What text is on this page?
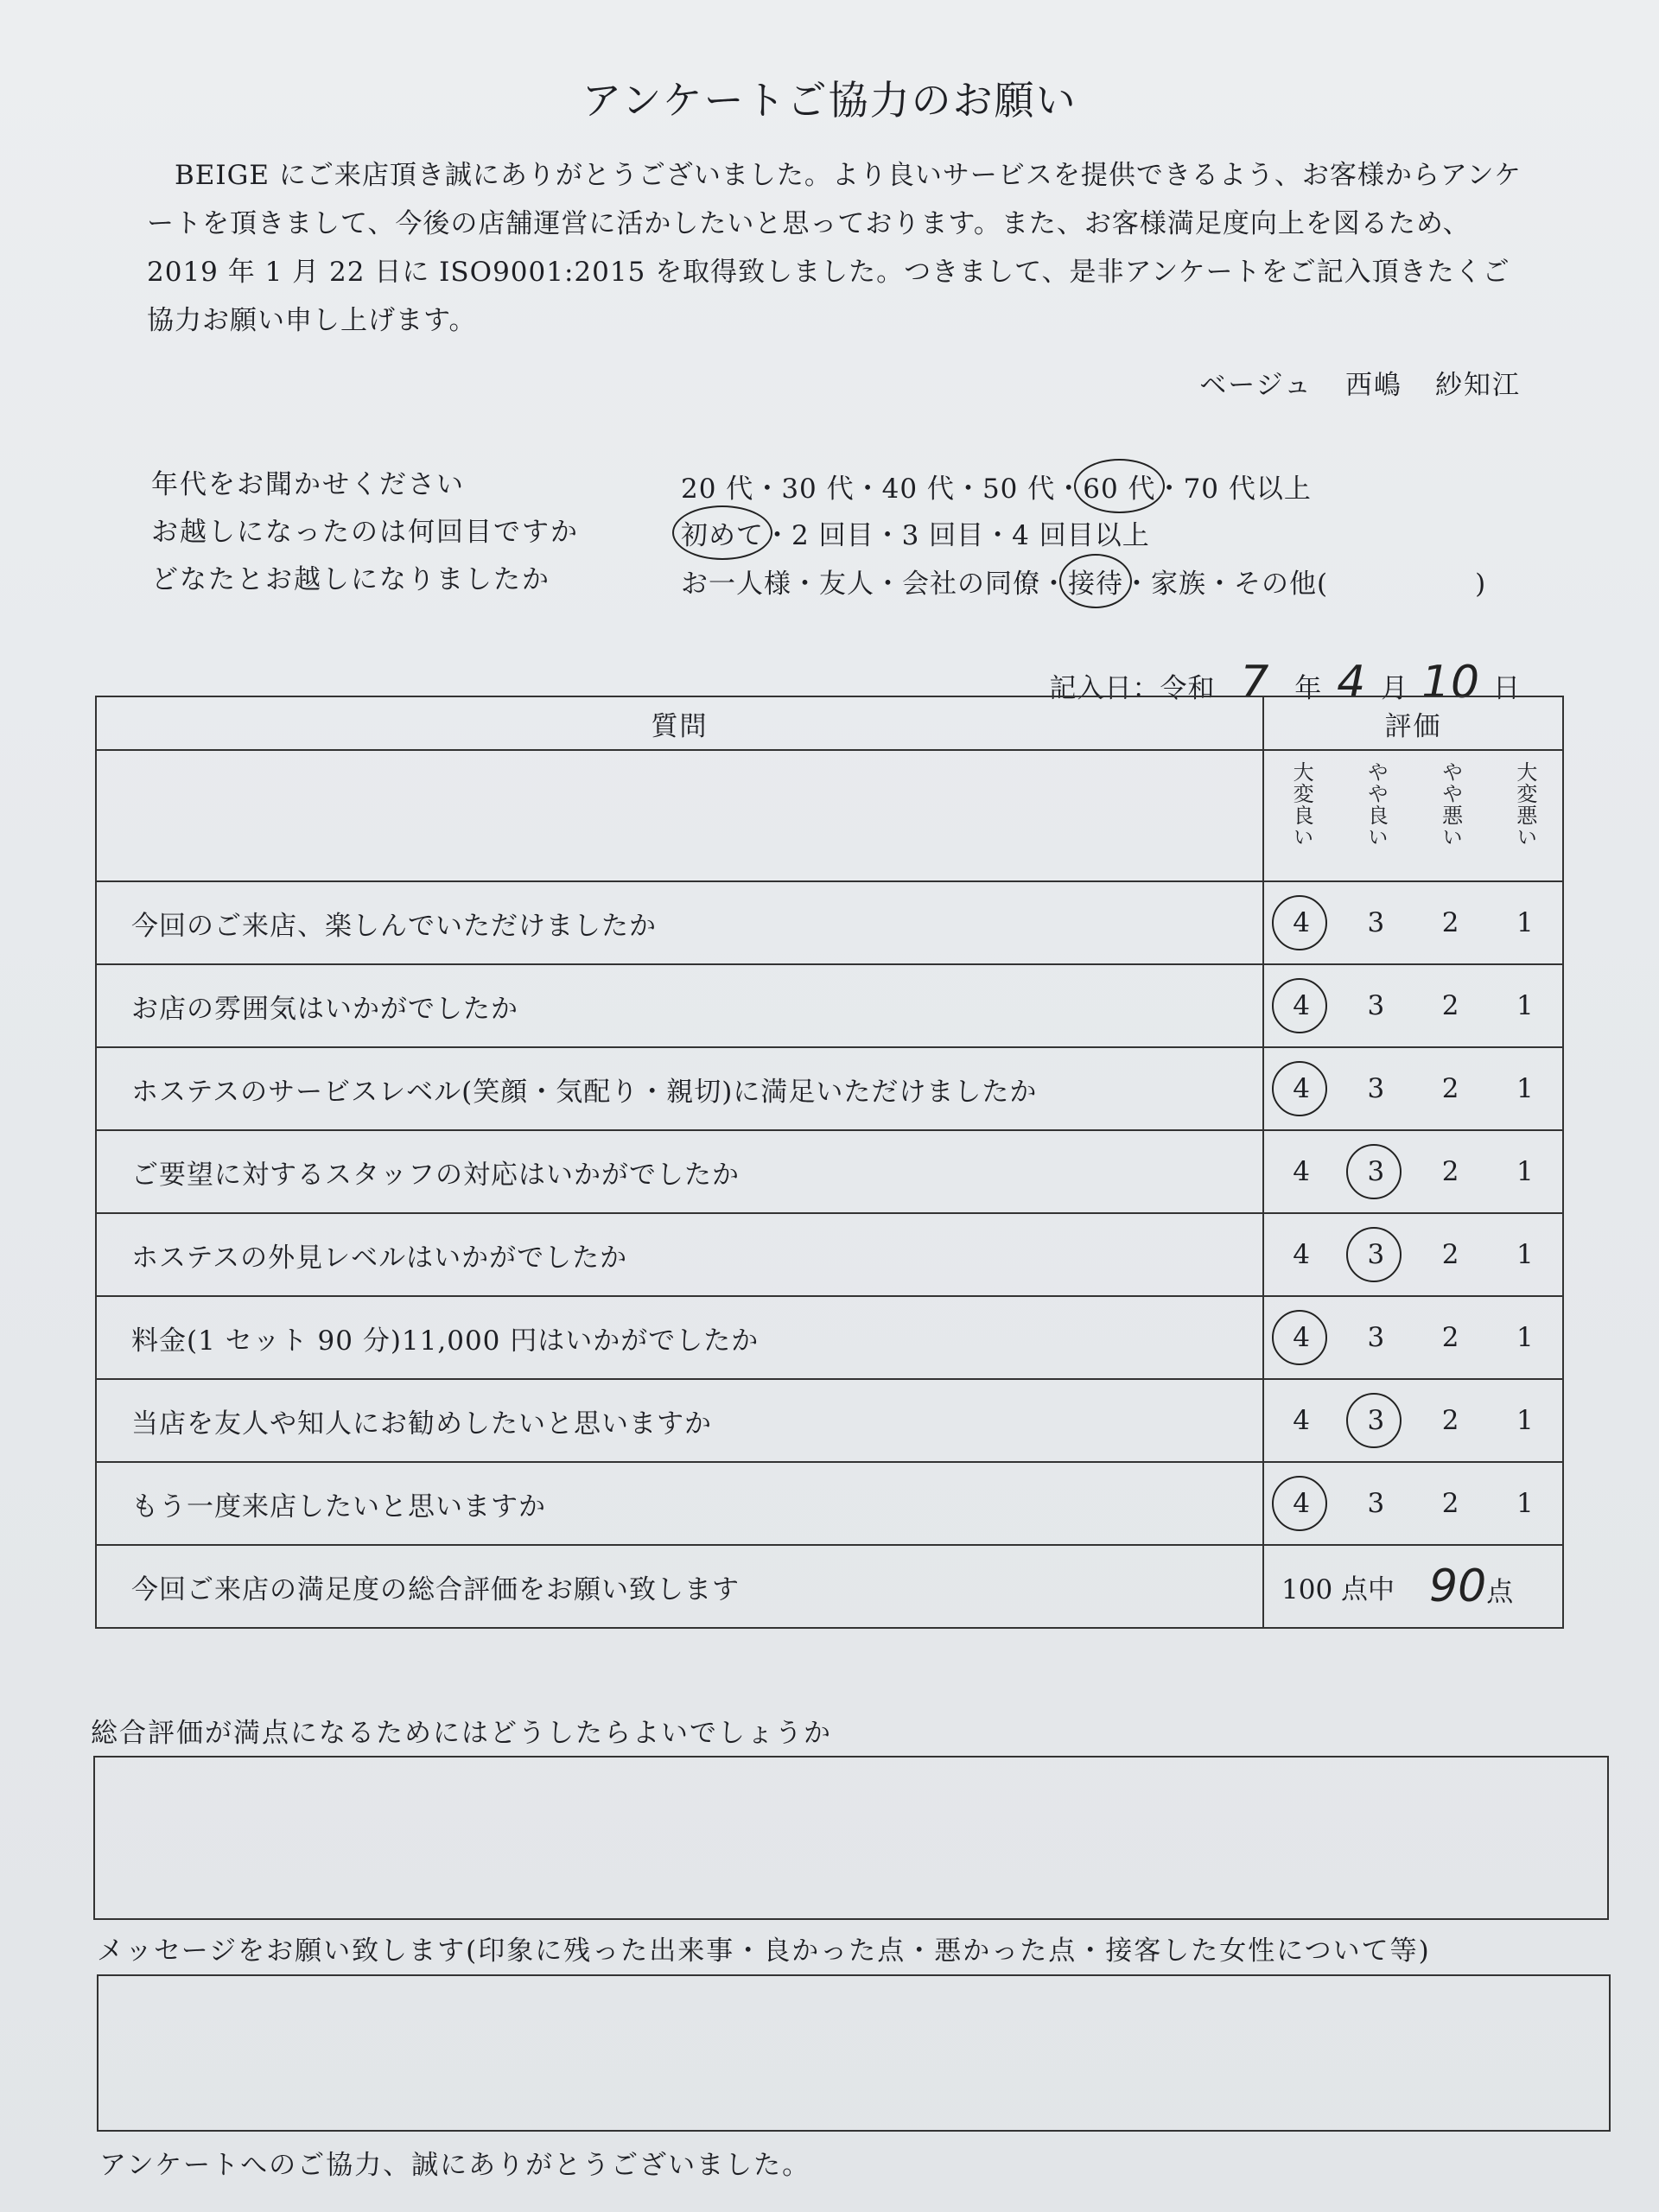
アンケートご協力のお願い
BEIGE にご来店頂き誠にありがとうございました。より良いサービスを提供できるよう、お客様からアンケートを頂きまして、今後の店舗運営に活かしたいと思っております。また、お客様満足度向上を図るため、2019 年 1 月 22 日に ISO9001:2015 を取得致しました。つきまして、是非アンケートをご記入頂きたくご協力お願い申し上げます。
ベージュ 西嶋 紗知江
年代をお聞かせください	20 代・30 代・40 代・50 代・60 代・70 代以上
お越しになったのは何回目ですか	初めて・2 回目・3 回目・4 回目以上
どなたとお越しになりましたか	お一人様・友人・会社の同僚・接待・家族・その他(	)
記入日：令和 7 年 4 月 10 日
質問	評価

	大変良い やや良い やや悪い 大変悪い

今回のご来店、楽しんでいただけましたか	4 3 2 1

お店の雰囲気はいかがでしたか	4 3 2 1

ホステスのサービスレベル(笑顔・気配り・親切)に満足いただけましたか	4 3 2 1

ご要望に対するスタッフの対応はいかがでしたか	4 3 2 1

ホステスの外見レベルはいかがでしたか	4 3 2 1

料金(1 セット 90 分)11,000 円はいかがでしたか	4 3 2 1

当店を友人や知人にお勧めしたいと思いますか	4 3 2 1

もう一度来店したいと思いますか	4 3 2 1

今回ご来店の満足度の総合評価をお願い致します	100 点中 90点
総合評価が満点になるためにはどうしたらよいでしょうか
メッセージをお願い致します(印象に残った出来事・良かった点・悪かった点・接客した女性について等)
アンケートへのご協力、誠にありがとうございました。
